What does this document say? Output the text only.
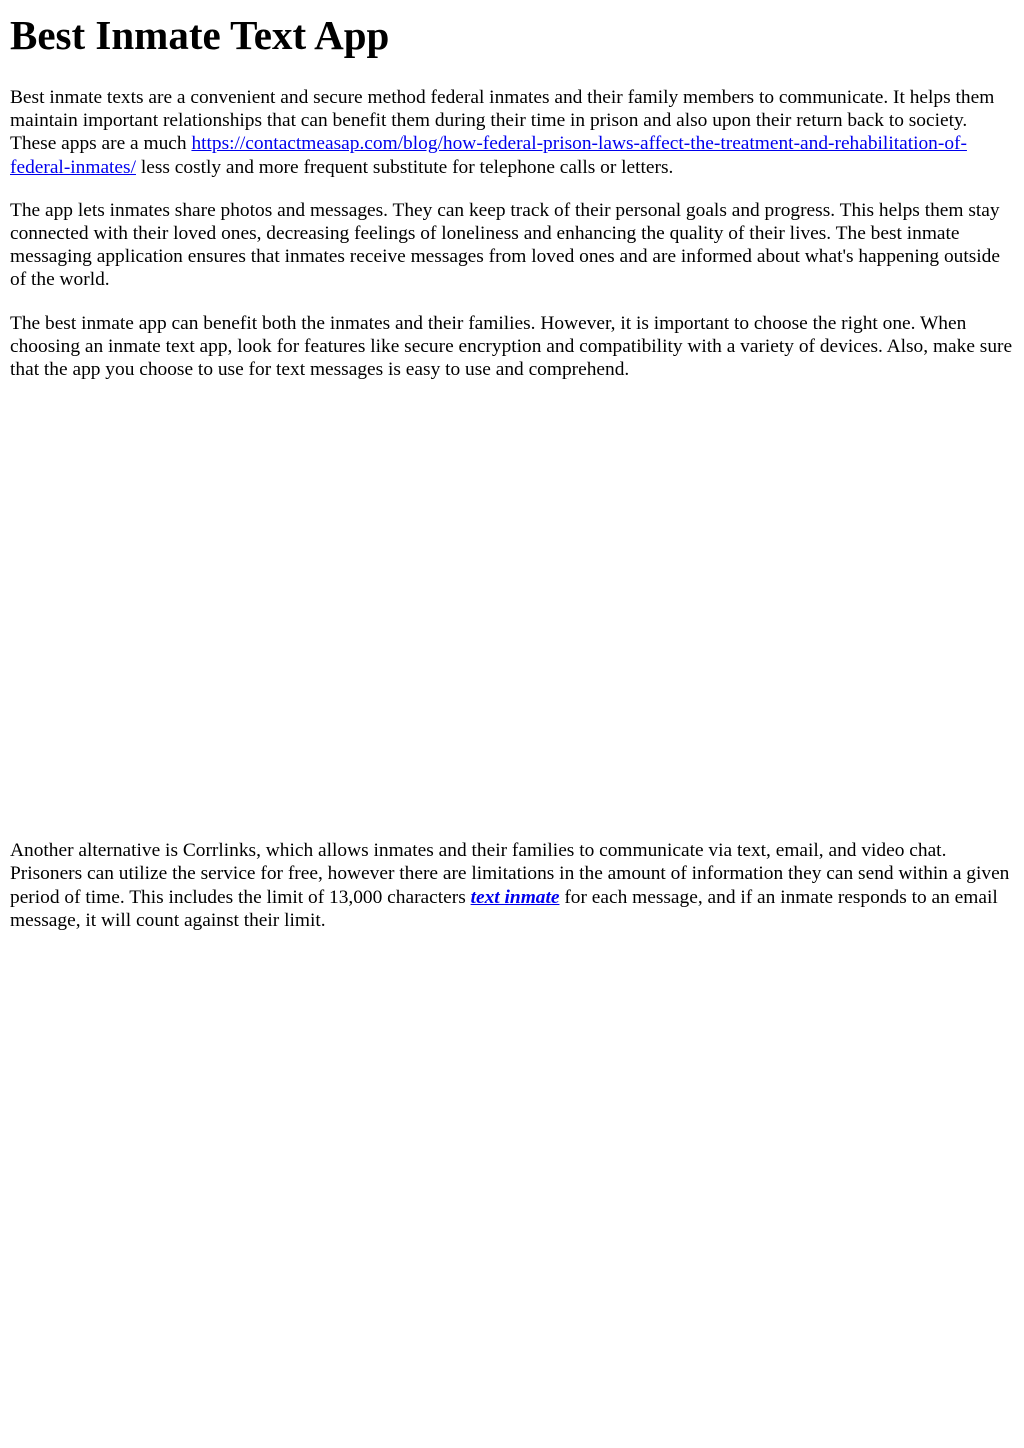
Best Inmate Text App

Best inmate texts are a convenient and secure method federal inmates and their family members to communicate. It helps them maintain important relationships that can benefit them during their time in prison and also upon their return back to society. These apps are a much https://contactmeasap.com/blog/how-federal-prison-laws-affect-the-treatment-and-rehabilitation-of-federal-inmates/ less costly and more frequent substitute for telephone calls or letters.

The app lets inmates share photos and messages. They can keep track of their personal goals and progress. This helps them stay connected with their loved ones, decreasing feelings of loneliness and enhancing the quality of their lives. The best inmate messaging application ensures that inmates receive messages from loved ones and are informed about what's happening outside of the world.

The best inmate app can benefit both the inmates and their families. However, it is important to choose the right one. When choosing an inmate text app, look for features like secure encryption and compatibility with a variety of devices. Also, make sure that the app you choose to use for text messages is easy to use and comprehend.

Another alternative is Corrlinks, which allows inmates and their families to communicate via text, email, and video chat. Prisoners can utilize the service for free, however there are limitations in the amount of information they can send within a given period of time. This includes the limit of 13,000 characters text inmate for each message, and if an inmate responds to an email message, it will count against their limit.
